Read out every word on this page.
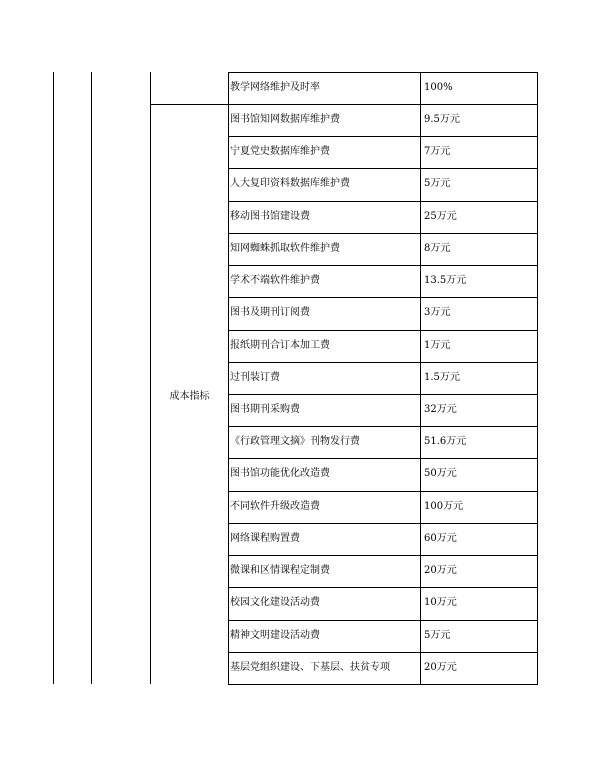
教学网络维护及时率	100%
成本指标
图书馆知网数据库维护费	9.5万元
宁夏党史数据库维护费	7万元
人大复印资料数据库维护费	5万元
移动图书馆建设费	25万元
知网蜘蛛抓取软件维护费	8万元
学术不端软件维护费	13.5万元
图书及期刊订阅费	3万元
报纸期刊合订本加工费	1万元
过刊装订费	1.5万元
图书期刊采购费	32万元
《行政管理文摘》刊物发行费	51.6万元
图书馆功能优化改造费	50万元
不同软件升级改造费	100万元
网络课程购置费	60万元
微课和区情课程定制费	20万元
校园文化建设活动费	10万元
精神文明建设活动费	5万元
基层党组织建设、下基层、扶贫专项	20万元
